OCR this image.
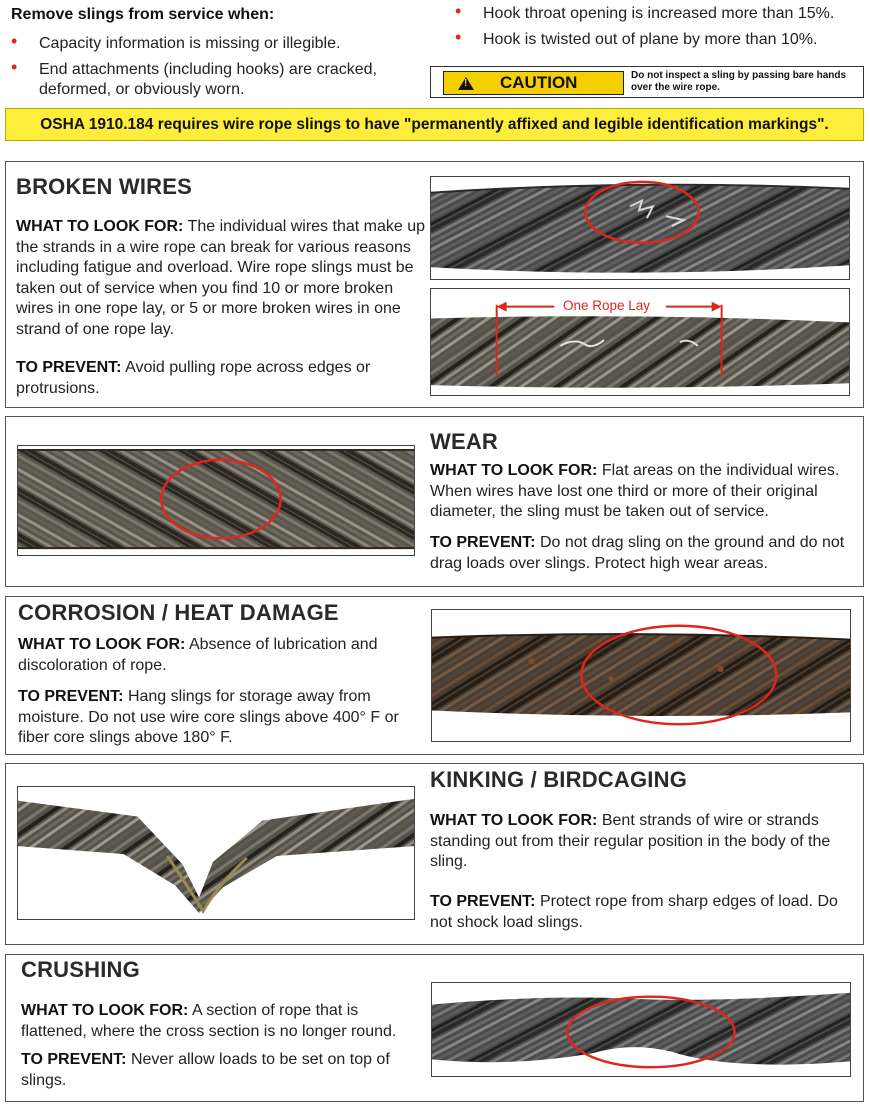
Remove slings from service when:
• Capacity information is missing or illegible.
• End attachments (including hooks) are cracked, deformed, or obviously worn.
• Hook throat opening is increased more than 15%.
• Hook is twisted out of plane by more than 10%.
!
CAUTION	Do not inspect a sling by passing bare hands over the wire rope.
OSHA 1910.184 requires wire rope slings to have "permanently affixed and legible identification markings".
BROKEN WIRES

WHAT TO LOOK FOR: The individual wires that make up the strands in a wire rope can break for various reasons including fatigue and overload. Wire rope slings must be taken out of service when you find 10 or more broken wires in one rope lay, or 5 or more broken wires in one strand of one rope lay.

TO PREVENT: Avoid pulling rope across edges or protrusions.

One Rope Lay
WEAR

WHAT TO LOOK FOR: Flat areas on the individual wires. When wires have lost one third or more of their original diameter, the sling must be taken out of service.

TO PREVENT: Do not drag sling on the ground and do not drag loads over slings. Protect high wear areas.

CORROSION / HEAT DAMAGE

WHAT TO LOOK FOR: Absence of lubrication and discoloration of rope.

TO PREVENT: Hang slings for storage away from moisture. Do not use wire core slings above 400° F or fiber core slings above 180° F.

KINKING / BIRDCAGING

WHAT TO LOOK FOR: Bent strands of wire or strands standing out from their regular position in the body of the sling.

TO PREVENT: Protect rope from sharp edges of load. Do not shock load slings.

CRUSHING

WHAT TO LOOK FOR: A section of rope that is flattened, where the cross section is no longer round.

TO PREVENT: Never allow loads to be set on top of slings.
